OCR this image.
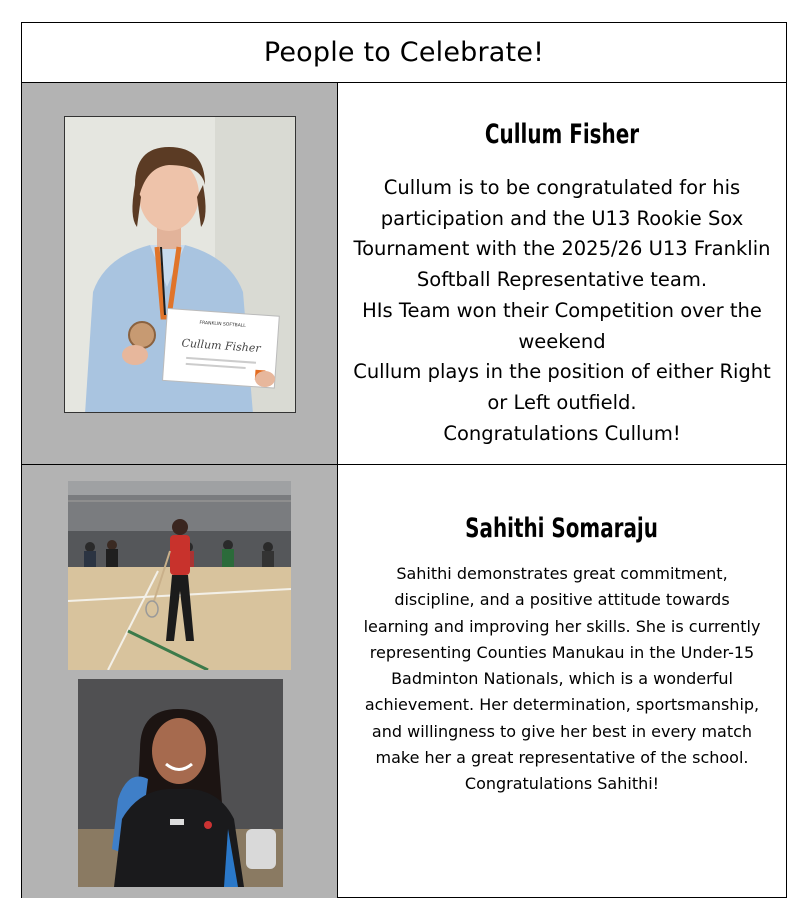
People to Celebrate!
FRANKLIN SOFTBALL
Cullum Fisher
Cullum Fisher

Cullum is to be congratulated for his

participation and the U13 Rookie Sox

Tournament with the 2025/26 U13 Franklin

Softball Representative team.

HIs Team won their Competition over the

weekend

Cullum plays in the position of either Right

or Left outfield.

Congratulations Cullum!

Sahithi Somaraju

Sahithi demonstrates great commitment,

discipline, and a positive attitude towards

learning and improving her skills. She is currently

representing Counties Manukau in the Under-15

Badminton Nationals, which is a wonderful

achievement. Her determination, sportsmanship,

and willingness to give her best in every match

make her a great representative of the school.

Congratulations Sahithi!
